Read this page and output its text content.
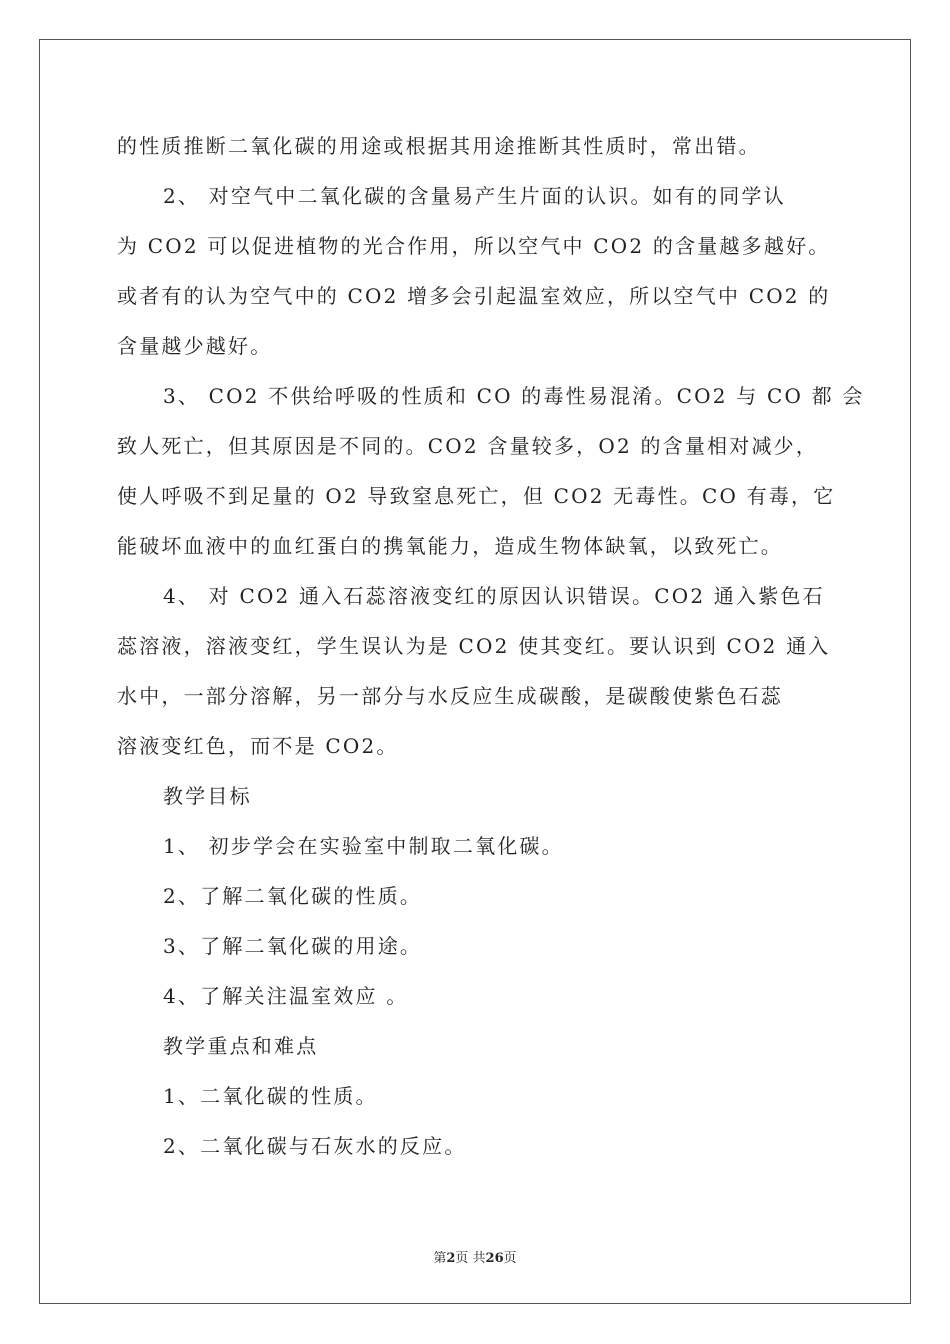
的性质推断二氧化碳的用途或根据其用途推断其性质时，常出错。

2、 对空气中二氧化碳的含量易产生片面的认识。如有的同学认

为 CO2 可以促进植物的光合作用，所以空气中 CO2 的含量越多越好。

或者有的认为空气中的 CO2 增多会引起温室效应，所以空气中 CO2 的

含量越少越好。

3、 CO2 不供给呼吸的性质和 CO 的毒性易混淆。CO2 与 CO 都 会

致人死亡，但其原因是不同的。CO2 含量较多，O2 的含量相对减少，

使人呼吸不到足量的 O2 导致窒息死亡，但 CO2 无毒性。CO 有毒，它

能破坏血液中的血红蛋白的携氧能力，造成生物体缺氧，以致死亡。

4、 对 CO2 通入石蕊溶液变红的原因认识错误。CO2 通入紫色石

蕊溶液，溶液变红，学生误认为是 CO2 使其变红。要认识到 CO2 通入

水中，一部分溶解，另一部分与水反应生成碳酸，是碳酸使紫色石蕊

溶液变红色，而不是 CO2。

教学目标

1、 初步学会在实验室中制取二氧化碳。

2、了解二氧化碳的性质。

3、了解二氧化碳的用途。

4、了解关注温室效应 。

教学重点和难点

1、二氧化碳的性质。

2、二氧化碳与石灰水的反应。

第2页 共26页
